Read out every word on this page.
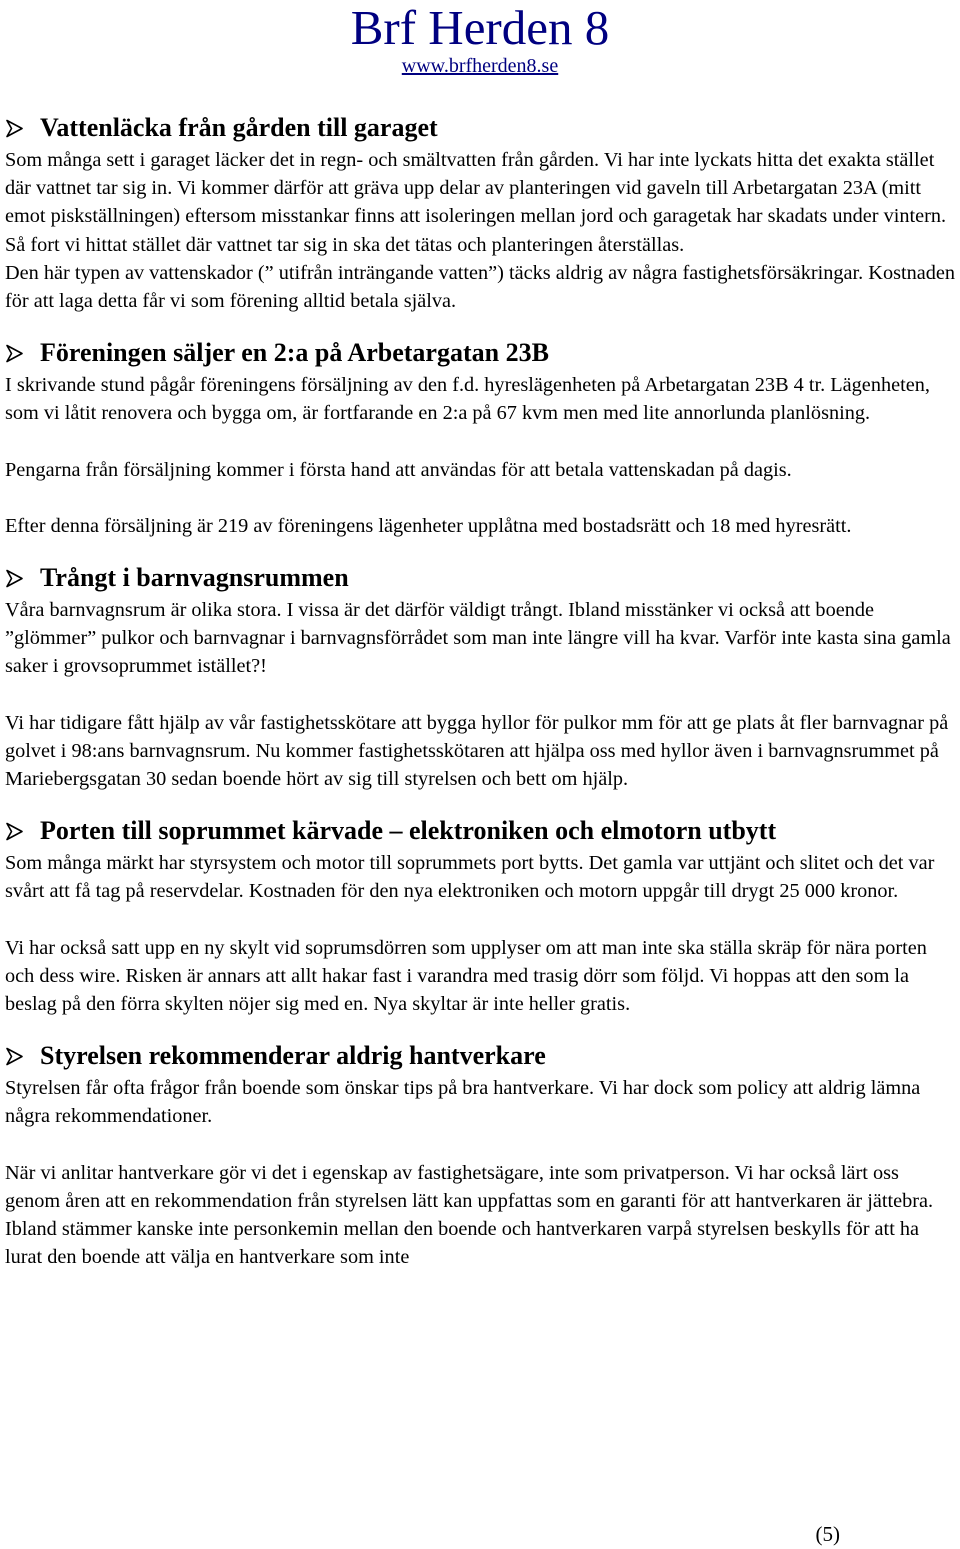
Brf Herden 8
www.brfherden8.se
Vattenläcka från gården till garaget

Som många sett i garaget läcker det in regn- och smältvatten från gården. Vi har inte lyckats hitta det exakta stället där vattnet tar sig in. Vi kommer därför att gräva upp delar av planteringen vid gaveln till Arbetargatan 23A (mitt emot piskställningen) eftersom misstankar finns att isoleringen mellan jord och garagetak har skadats under vintern. Så fort vi hittat stället där vattnet tar sig in ska det tätas och planteringen återställas.

Den här typen av vattenskador (” utifrån inträngande vatten”) täcks aldrig av några fastighetsförsäkringar. Kostnaden för att laga detta får vi som förening alltid betala själva.

Föreningen säljer en 2:a på Arbetargatan 23B

I skrivande stund pågår föreningens försäljning av den f.d. hyreslägenheten på Arbetargatan 23B 4 tr. Lägenheten, som vi låtit renovera och bygga om, är fortfarande en 2:a på 67 kvm men med lite annorlunda planlösning.

Pengarna från försäljning kommer i första hand att användas för att betala vattenskadan på dagis.

Efter denna försäljning är 219 av föreningens lägenheter upplåtna med bostadsrätt och 18 med hyresrätt.

Trångt i barnvagnsrummen

Våra barnvagnsrum är olika stora. I vissa är det därför väldigt trångt. Ibland misstänker vi också att boende ”glömmer” pulkor och barnvagnar i barnvagnsförrådet som man inte längre vill ha kvar. Varför inte kasta sina gamla saker i grovsoprummet istället?!

Vi har tidigare fått hjälp av vår fastighetsskötare att bygga hyllor för pulkor mm för att ge plats åt fler barnvagnar på golvet i 98:ans barnvagnsrum. Nu kommer fastighetsskötaren att hjälpa oss med hyllor även i barnvagnsrummet på Mariebergsgatan 30 sedan boende hört av sig till styrelsen och bett om hjälp.

Porten till soprummet kärvade – elektroniken och elmotorn utbytt

Som många märkt har styrsystem och motor till soprummets port bytts. Det gamla var uttjänt och slitet och det var svårt att få tag på reservdelar. Kostnaden för den nya elektroniken och motorn uppgår till drygt 25 000 kronor.

Vi har också satt upp en ny skylt vid soprumsdörren som upplyser om att man inte ska ställa skräp för nära porten och dess wire. Risken är annars att allt hakar fast i varandra med trasig dörr som följd. Vi hoppas att den som la beslag på den förra skylten nöjer sig med en. Nya skyltar är inte heller gratis.

Styrelsen rekommenderar aldrig hantverkare

Styrelsen får ofta frågor från boende som önskar tips på bra hantverkare. Vi har dock som policy att aldrig lämna några rekommendationer.

När vi anlitar hantverkare gör vi det i egenskap av fastighetsägare, inte som privatperson. Vi har också lärt oss genom åren att en rekommendation från styrelsen lätt kan uppfattas som en garanti för att hantverkaren är jättebra. Ibland stämmer kanske inte personkemin mellan den boende och hantverkaren varpå styrelsen beskylls för att ha lurat den boende att välja en hantverkare som inte

(5)
